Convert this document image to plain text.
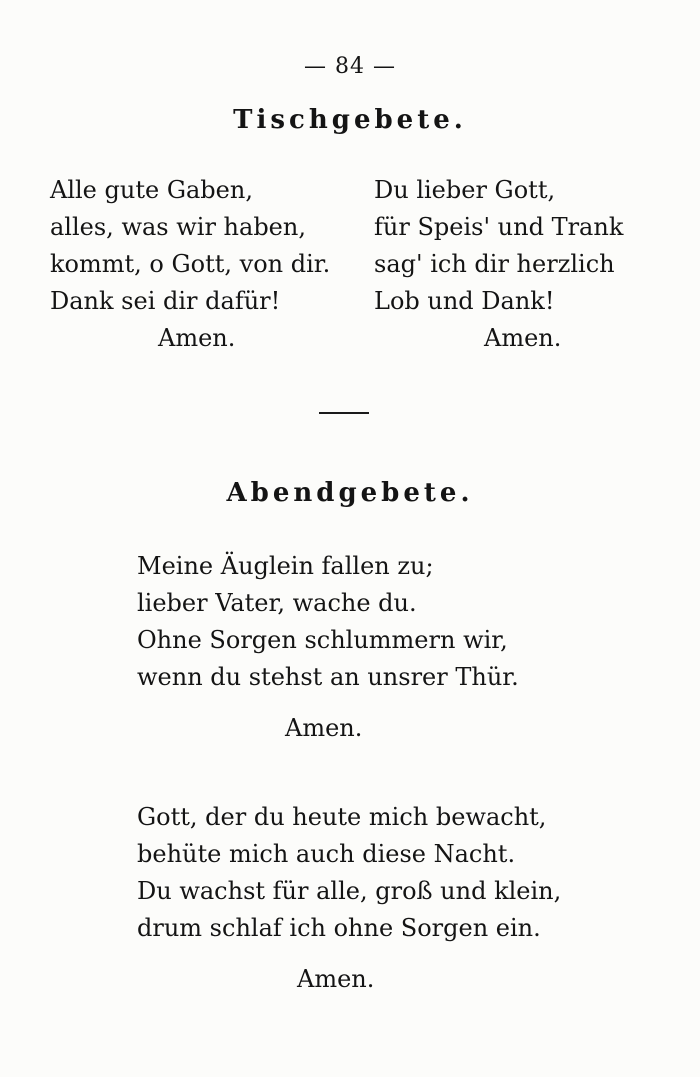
— 84 —
Tischgebete.
Alle gute Gaben,
alles, was wir haben,
kommt, o Gott, von dir.
Dank sei dir dafür!
Amen.
Du lieber Gott,
für Speis' und Trank
sag' ich dir herzlich
Lob und Dank!
Amen.
Abendgebete.
Meine Äuglein fallen zu;
lieber Vater, wache du.
Ohne Sorgen schlummern wir,
wenn du stehst an unsrer Thür.
Amen.
Gott, der du heute mich bewacht,
behüte mich auch diese Nacht.
Du wachst für alle, groß und klein,
drum schlaf ich ohne Sorgen ein.
Amen.
